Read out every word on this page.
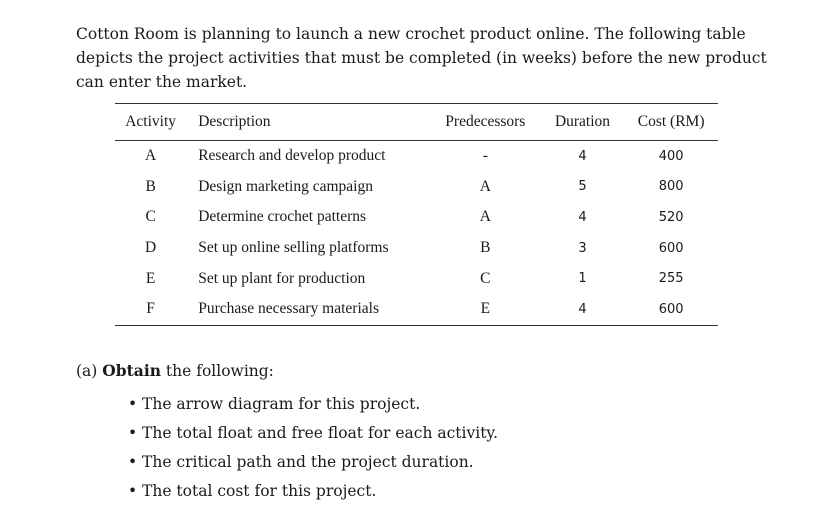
Cotton Room is planning to launch a new crochet product online. The following table depicts the project activities that must be completed (in weeks) before the new product can enter the market.

Activity	Description	Predecessors	Duration	Cost (RM)
A	Research and develop product	-	4	400
B	Design marketing campaign	A	5	800
C	Determine crochet patterns	A	4	520
D	Set up online selling platforms	B	3	600
E	Set up plant for production	C	1	255
F	Purchase necessary materials	E	4	600

(a) Obtain the following:

• The arrow diagram for this project.
• The total float and free float for each activity.
• The critical path and the project duration.
• The total cost for this project.
